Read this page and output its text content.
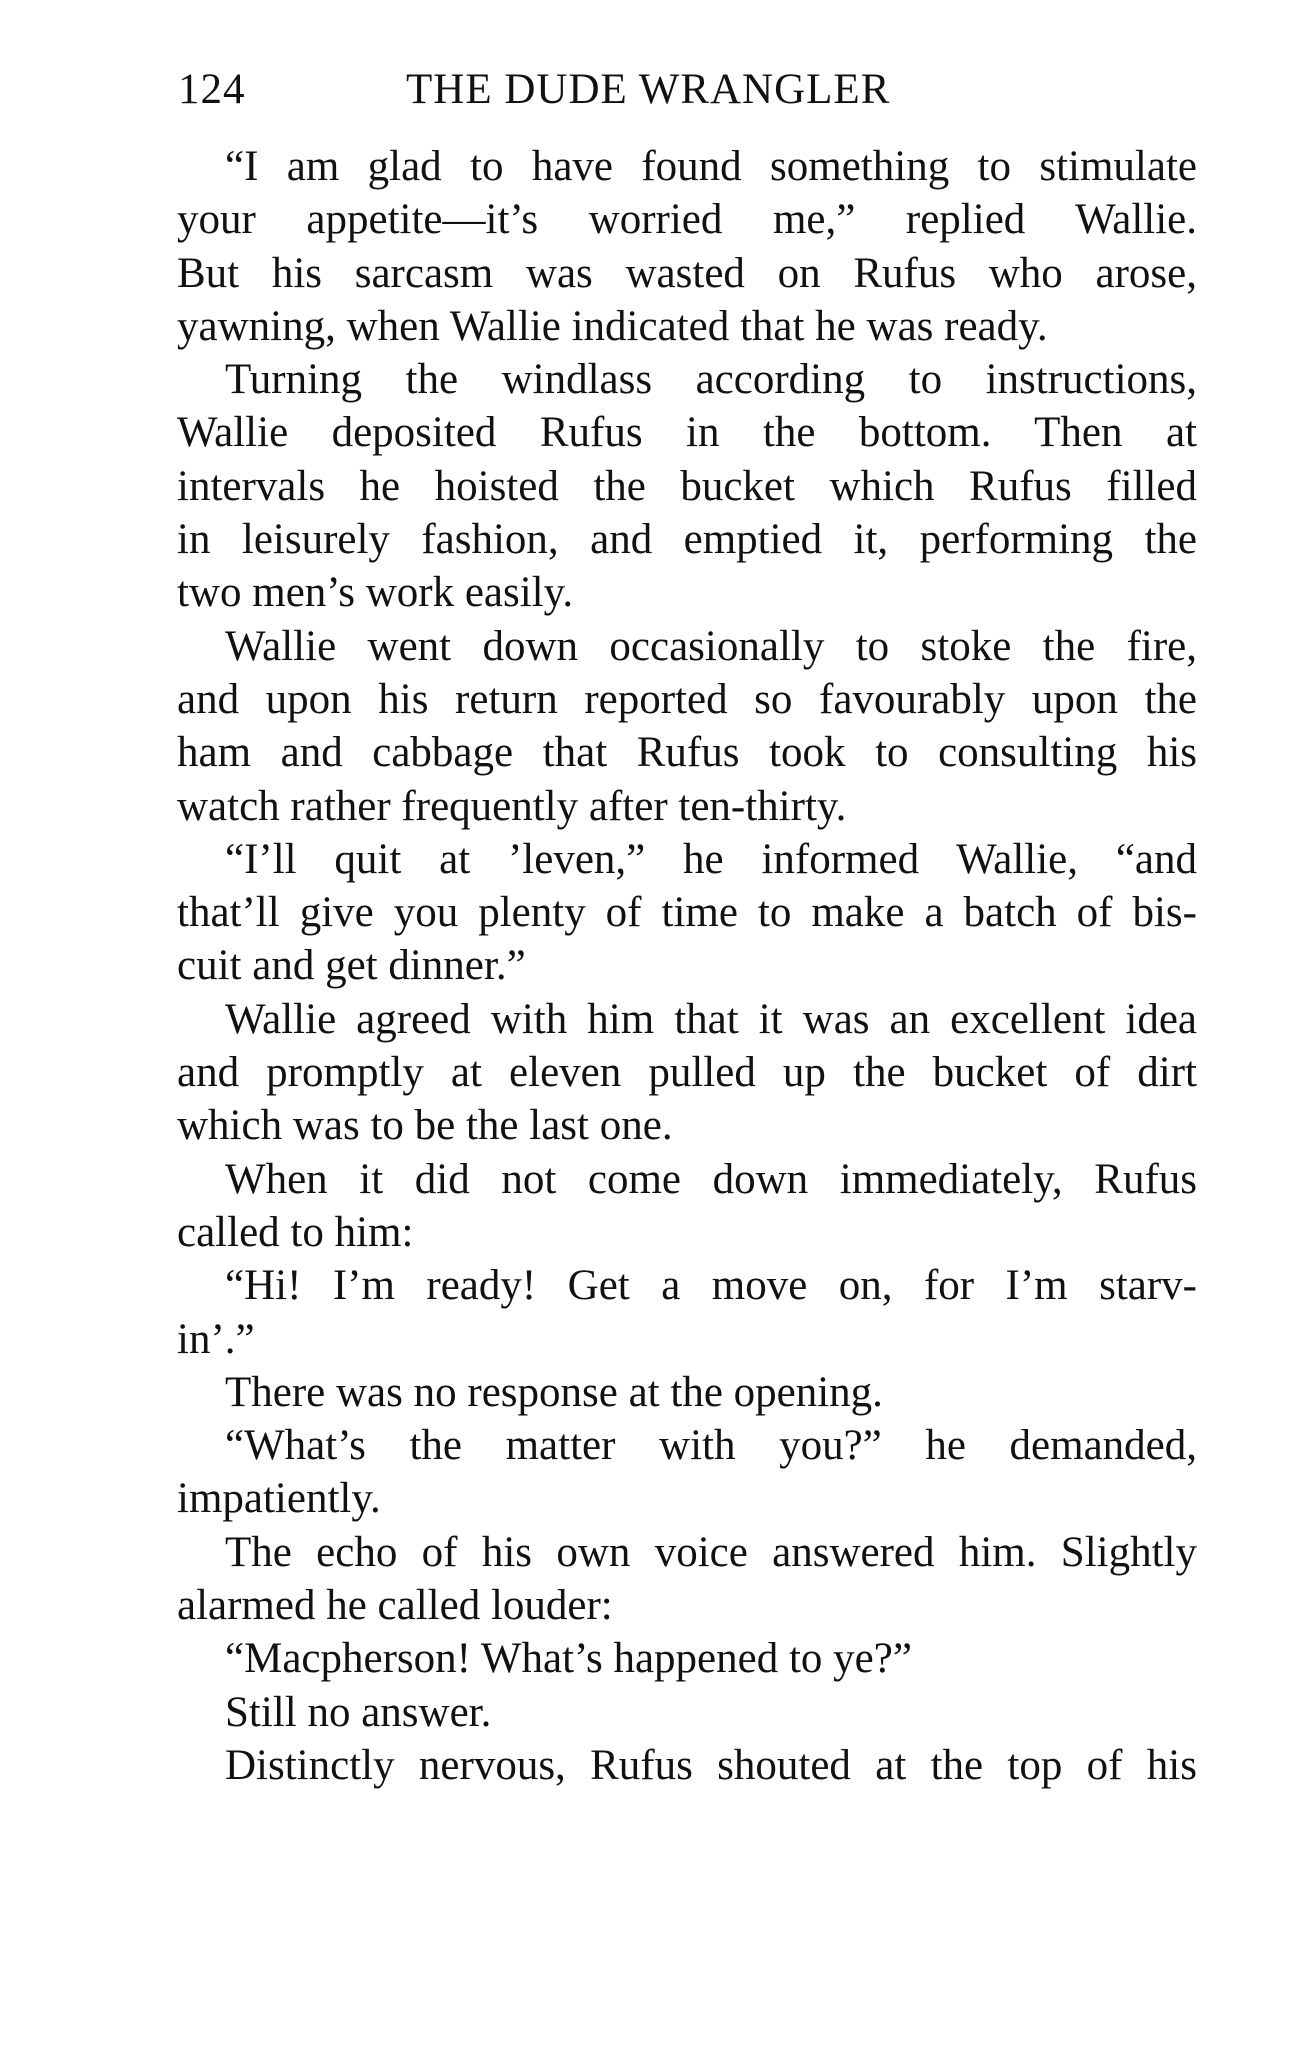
124	THE DUDE WRANGLER
“I am glad to have found something to stimulate
your appetite—it’s worried me,” replied Wallie.
But his sarcasm was wasted on Rufus who arose,
yawning, when Wallie indicated that he was ready.
Turning the windlass according to instructions,
Wallie deposited Rufus in the bottom. Then at
intervals he hoisted the bucket which Rufus filled
in leisurely fashion, and emptied it, performing the
two men’s work easily.
Wallie went down occasionally to stoke the fire,
and upon his return reported so favourably upon the
ham and cabbage that Rufus took to consulting his
watch rather frequently after ten-thirty.
“I’ll quit at ’leven,” he informed Wallie, “and
that’ll give you plenty of time to make a batch of bis-
cuit and get dinner.”
Wallie agreed with him that it was an excellent idea
and promptly at eleven pulled up the bucket of dirt
which was to be the last one.
When it did not come down immediately, Rufus
called to him:
“Hi! I’m ready! Get a move on, for I’m starv-
in’.”
There was no response at the opening.
“What’s the matter with you?” he demanded,
impatiently.
The echo of his own voice answered him. Slightly
alarmed he called louder:
“Macpherson! What’s happened to ye?”
Still no answer.
Distinctly nervous, Rufus shouted at the top of his
